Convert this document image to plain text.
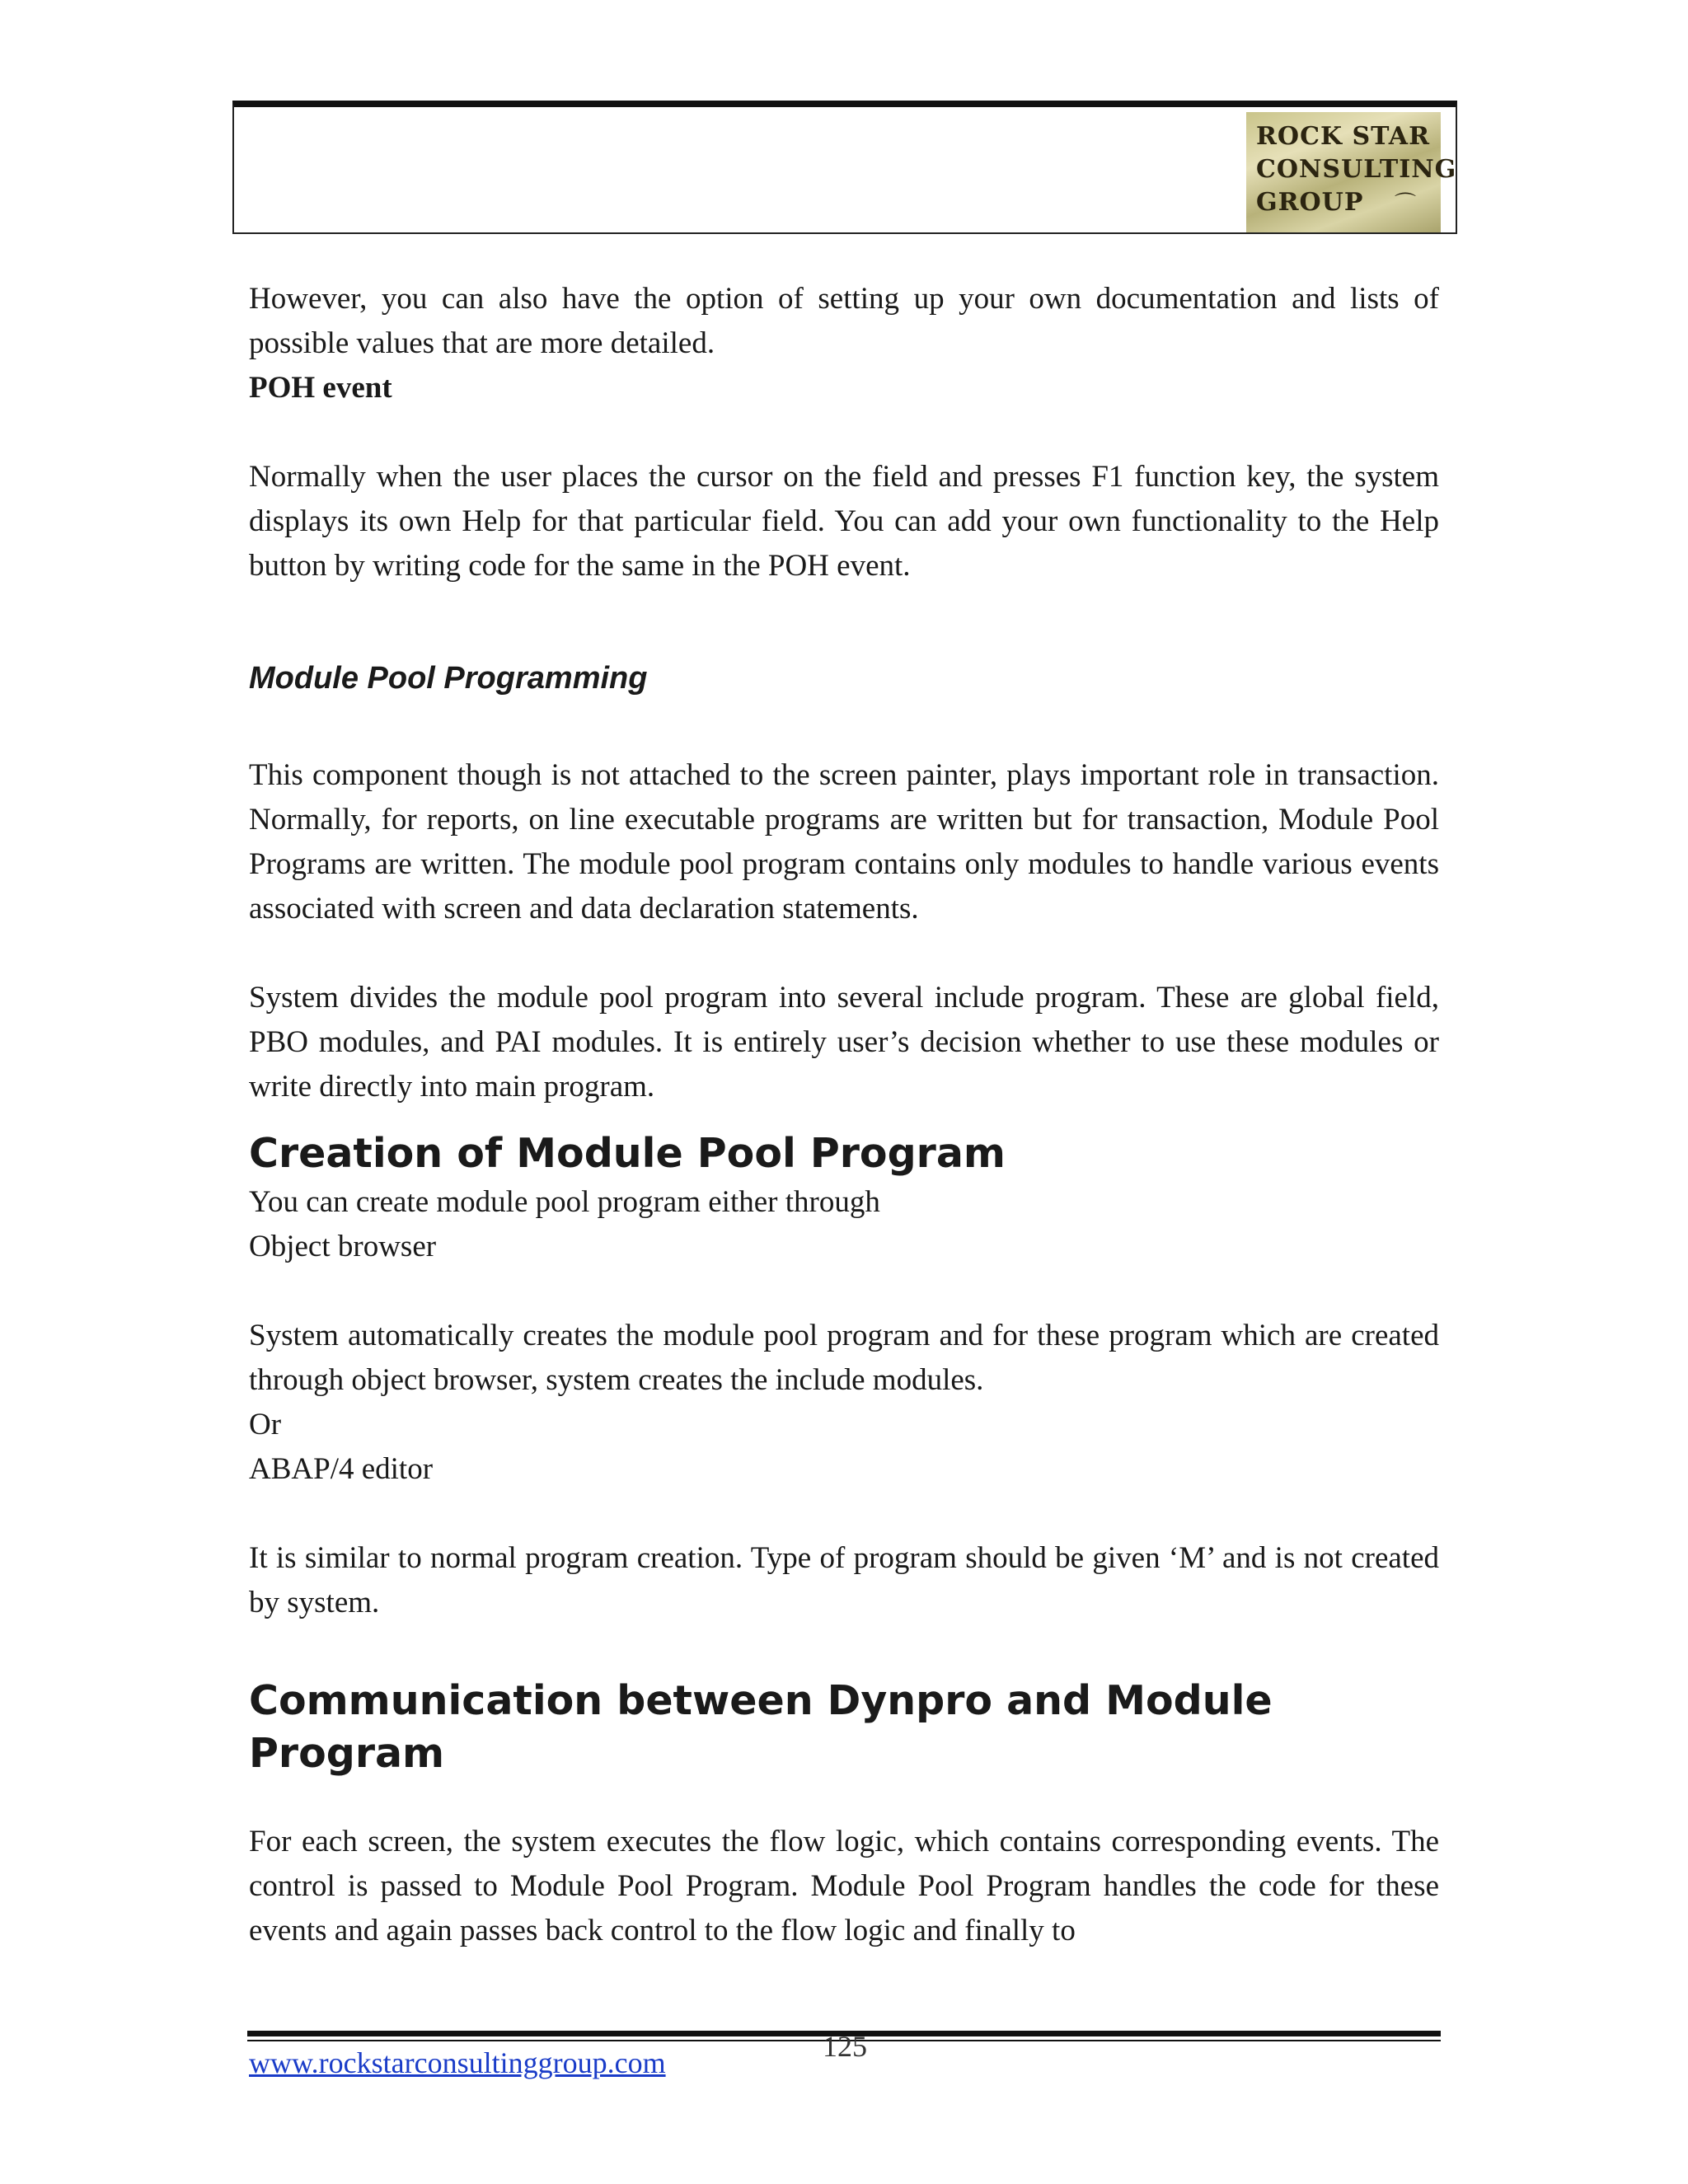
ROCK STAR
CONSULTING
GROUP	⌒

However, you can also have the option of setting up your own documentation and lists of possible values that are more detailed.

POH event

Normally when the user places the cursor on the field and presses F1 function key, the system displays its own Help for that particular field. You can add your own functionality to the Help button by writing code for the same in the POH event.

Module Pool Programming

This component though is not attached to the screen painter, plays important role in transaction. Normally, for reports, on line executable programs are written but for transaction, Module Pool Programs are written. The module pool program contains only modules to handle various events associated with screen and data declaration statements.

System divides the module pool program into several include program. These are global field, PBO modules, and PAI modules. It is entirely user’s decision whether to use these modules or write directly into main program.

Creation of Module Pool Program

You can create module pool program either through

Object browser

System automatically creates the module pool program and for these program which are created through object browser, system creates the include modules.

Or

ABAP/4 editor

It is similar to normal program creation. Type of program should be given ‘M’ and is not created by system.

Communication between Dynpro and Module Program

For each screen, the system executes the flow logic, which contains corresponding events. The control is passed to Module Pool Program. Module Pool Program handles the code for these events and again passes back control to the flow logic and finally to

125
www.rockstarconsultinggroup.com
